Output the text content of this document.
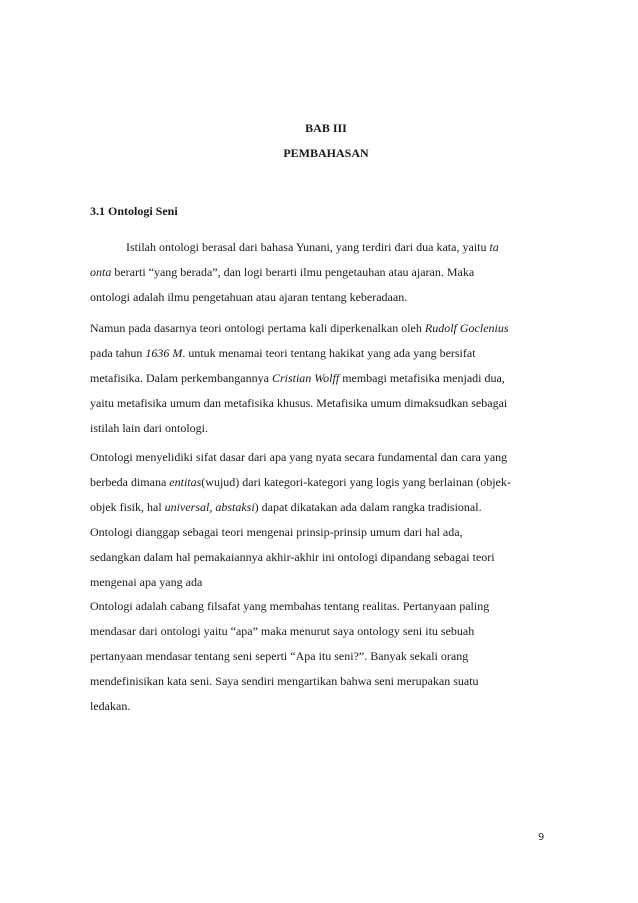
BAB III

PEMBAHASAN

3.1 Ontologi Seni

Istilah ontologi berasal dari bahasa Yunani, yang terdiri dari dua kata, yaitu ta
onta berarti “yang berada”, dan logi berarti ilmu pengetauhan atau ajaran. Maka
ontologi adalah ilmu pengetahuan atau ajaran tentang keberadaan.
Namun pada dasarnya teori ontologi pertama kali diperkenalkan oleh Rudolf Goclenius
pada tahun 1636 M. untuk menamai teori tentang hakikat yang ada yang bersifat
metafisika. Dalam perkembangannya Cristian Wolff membagi metafisika menjadi dua,
yaitu metafisika umum dan metafisika khusus. Metafisika umum dimaksudkan sebagai
istilah lain dari ontologi.
Ontologi menyelidiki sifat dasar dari apa yang nyata secara fundamental dan cara yang
berbeda dimana entitas(wujud) dari kategori-kategori yang logis yang berlainan (objek-
objek fisik, hal universal, abstaksi) dapat dikatakan ada dalam rangka tradisional.
Ontologi dianggap sebagai teori mengenai prinsip-prinsip umum dari hal ada,
sedangkan dalam hal pemakaiannya akhir-akhir ini ontologi dipandang sebagai teori
mengenai apa yang ada
Ontologi adalah cabang filsafat yang membahas tentang realitas. Pertanyaan paling
mendasar dari ontologi yaitu “apa” maka menurut saya ontology seni itu sebuah
pertanyaan mendasar tentang seni seperti “Apa itu seni?”. Banyak sekali orang
mendefinisikan kata seni. Saya sendiri mengartikan bahwa seni merupakan suatu
ledakan.
9
